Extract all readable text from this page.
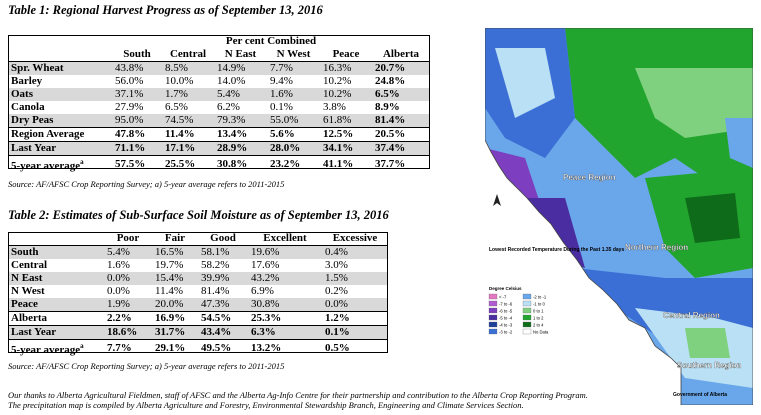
Table 1: Regional Harvest Progress as of September 13, 2016
	Per cent Combined					
	South	Central	N East	N West	Peace	Alberta
Spr. Wheat	43.8%	8.5%	14.9%	7.7%	16.3%	20.7%
Barley	56.0%	10.0%	14.0%	9.4%	10.2%	24.8%
Oats	37.1%	1.7%	5.4%	1.6%	10.2%	6.5%
Canola	27.9%	6.5%	6.2%	0.1%	3.8%	8.9%
Dry Peas	95.0%	74.5%	79.3%	55.0%	61.8%	81.4%
Region Average	47.8%	11.4%	13.4%	5.6%	12.5%	20.5%
Last Year	71.1%	17.1%	28.9%	28.0%	34.1%	37.4%
5-year average$^a$	57.5%	25.5%	30.8%	23.2%	41.1%	37.7%
Source: AF/AFSC Crop Reporting Survey; a) 5-year average refers to 2011-2015
Table 2: Estimates of Sub-Surface Soil Moisture as of September 13, 2016
	Poor	Fair	Good	Excellent	Excessive
South	5.4%	16.5%	58.1%	19.6%	0.4%
Central	1.6%	19.7%	58.2%	17.6%	3.0%
N East	0.0%	15.4%	39.9%	43.2%	1.5%
N West	0.0%	11.4%	81.4%	6.9%	0.2%
Peace	1.9%	20.0%	47.3%	30.8%	0.0%
Alberta	2.2%	16.9%	54.5%	25.3%	1.2%
Last Year	18.6%	31.7%	43.4%	6.3%	0.1%
5-year average$^a$	7.7%	29.1%	49.5%	13.2%	0.5%
Source: AF/AFSC Crop Reporting Survey; a) 5-year average refers to 2011-2015
Our thanks to Alberta Agricultural Fieldmen, staff of AFSC and the Alberta Ag-Info Centre for their partnership and contribution to the Alberta Crop Reporting Program.
The precipitation map is compiled by Alberta Agriculture and Forestry, Environmental Stewardship Branch, Engineering and Climate Services Section.
Peace Region
Northern Region
Central Region
Southern Region
Lowest Recorded Temperature During the Past 1.35 days
Degree Celsius
< -7
-7 to -6
-6 to -5
-5 to -4
-4 to -3
-3 to -2
-2 to -1
-1 to 0
0 to 1
1 to 2
2 to 4
No Data
Government of Alberta
